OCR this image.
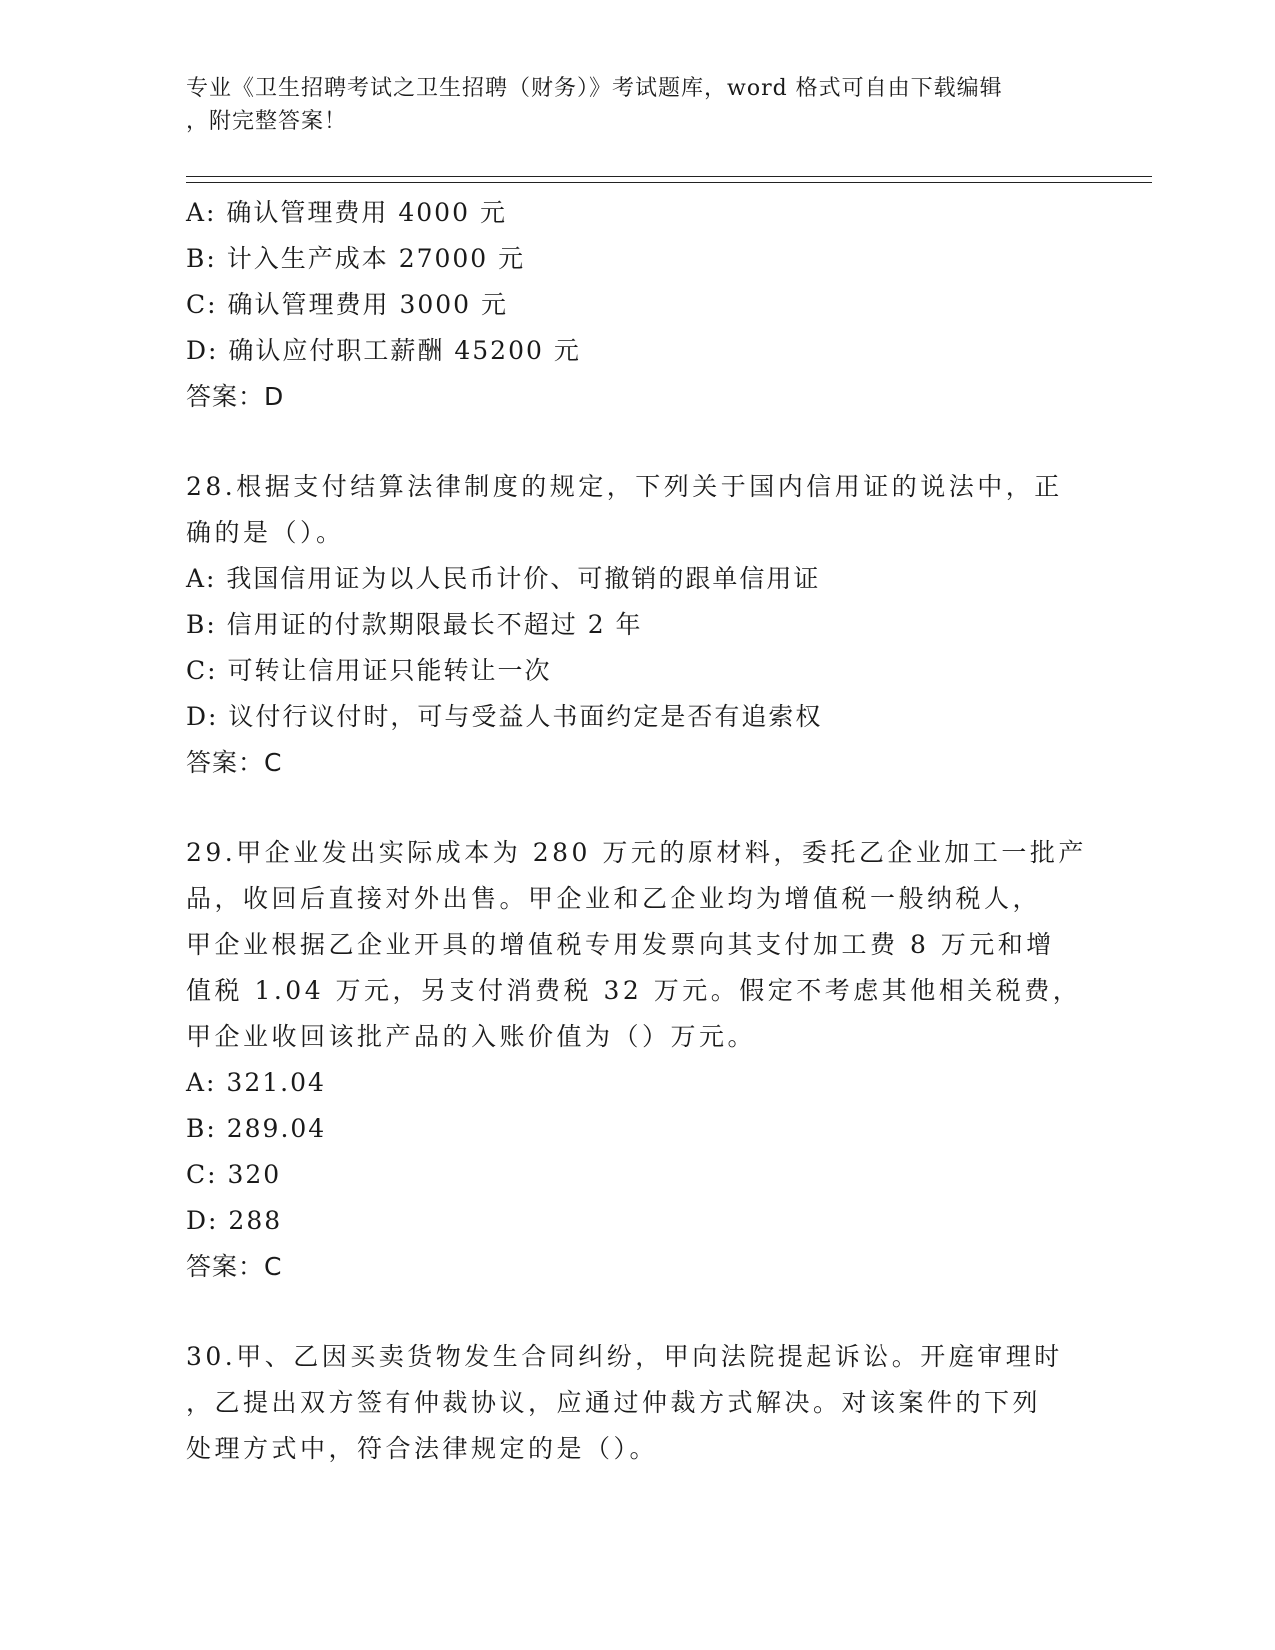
专业《卫生招聘考试之卫生招聘（财务）》考试题库，word 格式可自由下载编辑
，附完整答案！
A: 确认管理费用 4000 元
B: 计入生产成本 27000 元
C: 确认管理费用 3000 元
D: 确认应付职工薪酬 45200 元
答案：D
28.根据支付结算法律制度的规定，下列关于国内信用证的说法中，正
确的是（）。
A: 我国信用证为以人民币计价、可撤销的跟单信用证
B: 信用证的付款期限最长不超过 2 年
C: 可转让信用证只能转让一次
D: 议付行议付时，可与受益人书面约定是否有追索权
答案：C
29.甲企业发出实际成本为 280 万元的原材料，委托乙企业加工一批产
品，收回后直接对外出售。甲企业和乙企业均为增值税一般纳税人，
甲企业根据乙企业开具的增值税专用发票向其支付加工费 8 万元和增
值税 1.04 万元，另支付消费税 32 万元。假定不考虑其他相关税费，
甲企业收回该批产品的入账价值为（）万元。
A: 321.04
B: 289.04
C: 320
D: 288
答案：C
30.甲、乙因买卖货物发生合同纠纷，甲向法院提起诉讼。开庭审理时
，乙提出双方签有仲裁协议，应通过仲裁方式解决。对该案件的下列
处理方式中，符合法律规定的是（）。
